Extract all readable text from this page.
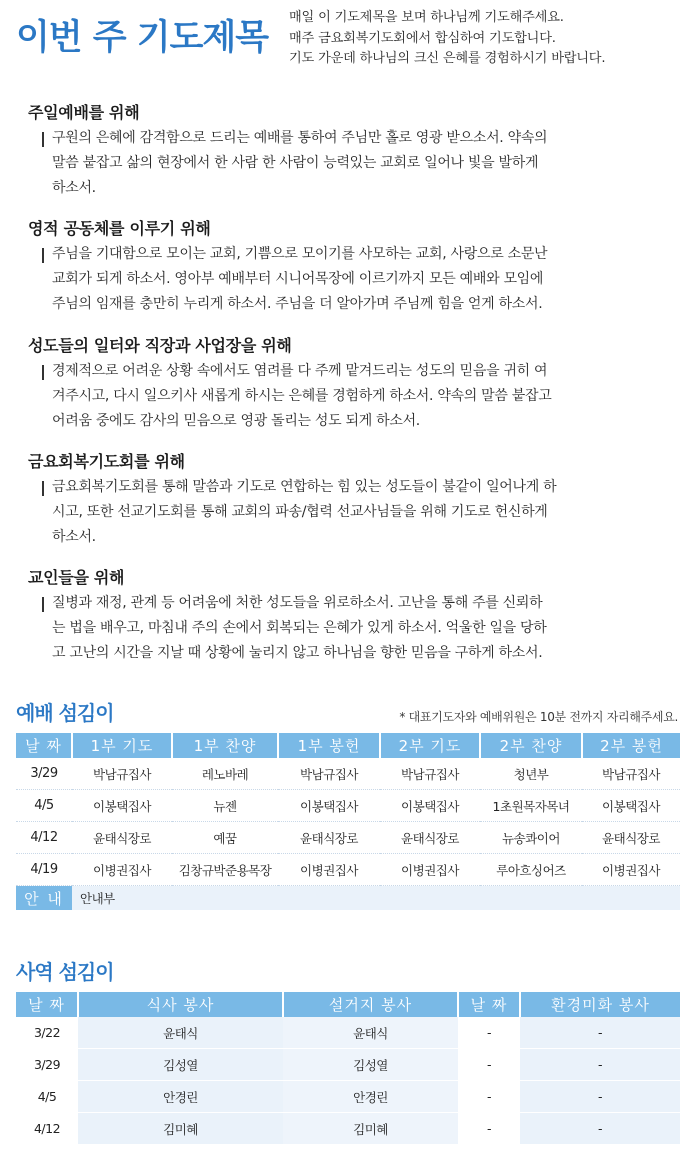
이번 주 기도제목
매일 이 기도제목을 보며 하나님께 기도해주세요.
매주 금요회복기도회에서 합심하여 기도합니다.
기도 가운데 하나님의 크신 은혜를 경험하시기 바랍니다.
주일예배를 위해
구원의 은혜에 감격함으로 드리는 예배를 통하여 주님만 홀로 영광 받으소서. 약속의
말씀 붙잡고 삶의 현장에서 한 사람 한 사람이 능력있는 교회로 일어나 빛을 발하게
하소서.
영적 공동체를 이루기 위해
주님을 기대함으로 모이는 교회, 기쁨으로 모이기를 사모하는 교회, 사랑으로 소문난
교회가 되게 하소서. 영아부 예배부터 시니어목장에 이르기까지 모든 예배와 모임에
주님의 임재를 충만히 누리게 하소서. 주님을 더 알아가며 주님께 힘을 얻게 하소서.
성도들의 일터와 직장과 사업장을 위해
경제적으로 어려운 상황 속에서도 염려를 다 주께 맡겨드리는 성도의 믿음을 귀히 여
겨주시고, 다시 일으키사 새롭게 하시는 은혜를 경험하게 하소서. 약속의 말씀 붙잡고
어려움 중에도 감사의 믿음으로 영광 돌리는 성도 되게 하소서.
금요회복기도회를 위해
금요회복기도회를 통해 말씀과 기도로 연합하는 힘 있는 성도들이 불같이 일어나게 하
시고, 또한 선교기도회를 통해 교회의 파송/협력 선교사님들을 위해 기도로 헌신하게
하소서.
교인들을 위해
질병과 재정, 관계 등 어려움에 처한 성도들을 위로하소서. 고난을 통해 주를 신뢰하
는 법을 배우고, 마침내 주의 손에서 회복되는 은혜가 있게 하소서. 억울한 일을 당하
고 고난의 시간을 지날 때 상황에 눌리지 않고 하나님을 향한 믿음을 구하게 하소서.
예배 섬김이	* 대표기도자와 예배위원은 10분 전까지 자리해주세요.
날 짜	1부 기도	1부 찬양	1부 봉헌	2부 기도	2부 찬양	2부 봉헌
3/29	박남규집사	레노바레	박남규집사	박남규집사	청년부	박남규집사
4/5	이봉택집사	뉴젠	이봉택집사	이봉택집사	1초원목자목녀	이봉택집사
4/12	윤태식장로	예꿈	윤태식장로	윤태식장로	뉴송콰이어	윤태식장로
4/19	이병권집사	김창규박준용목장	이병권집사	이병권집사	루아흐싱어즈	이병권집사
안 내	안내부					
사역 섬김이
날 짜	식사 봉사	설거지 봉사	날 짜	환경미화 봉사
3/22	윤태식	윤태식	-	-
3/29	김성열	김성열	-	-
4/5	안경린	안경린	-	-
4/12	김미혜	김미혜	-	-
